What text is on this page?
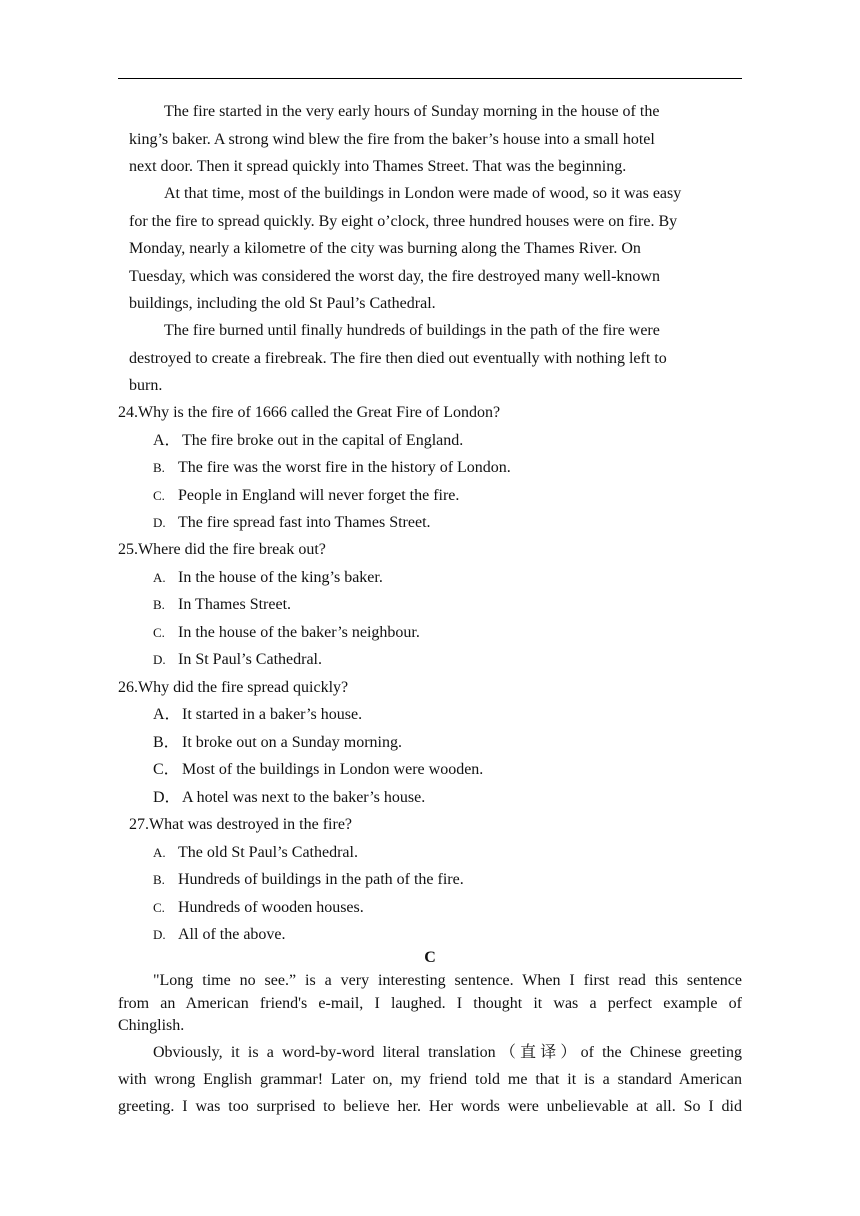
The fire started in the very early hours of Sunday morning in the house of the
king’s baker. A strong wind blew the fire from the baker’s house into a small hotel
next door. Then it spread quickly into Thames Street. That was the beginning.
At that time, most of the buildings in London were made of wood, so it was easy
for the fire to spread quickly. By eight o’clock, three hundred houses were on fire. By
Monday, nearly a kilometre of the city was burning along the Thames River. On
Tuesday, which was considered the worst day, the fire destroyed many well-known
buildings, including the old St Paul’s Cathedral.
The fire burned until finally hundreds of buildings in the path of the fire were
destroyed to create a firebreak. The fire then died out eventually with nothing left to
burn.
24.Why is the fire of 1666 called the Great Fire of London?
A．The fire broke out in the capital of England.
B. The fire was the worst fire in the history of London.
C. People in England will never forget the fire.
D. The fire spread fast into Thames Street.
25.Where did the fire break out?
A. In the house of the king’s baker.
B. In Thames Street.
C. In the house of the baker’s neighbour.
D. In St Paul’s Cathedral.
26.Why did the fire spread quickly?
A．It started in a baker’s house.
B． It broke out on a Sunday morning.
C． Most of the buildings in London were wooden.
D．A hotel was next to the baker’s house.
27.What was destroyed in the fire?
A. The old St Paul’s Cathedral.
B. Hundreds of buildings in the path of the fire.
C. Hundreds of wooden houses.
D. All of the above.
C
"Long time no see.” is a very interesting sentence. When I first read this sentence
from an American friend's e-mail, I laughed. I thought it was a perfect example of
Chinglish.
Obviously, it is a word-by-word literal translation（直译）of the Chinese greeting
with wrong English grammar! Later on, my friend told me that it is a standard American
greeting. I was too surprised to believe her. Her words were unbelievable at all. So I did
